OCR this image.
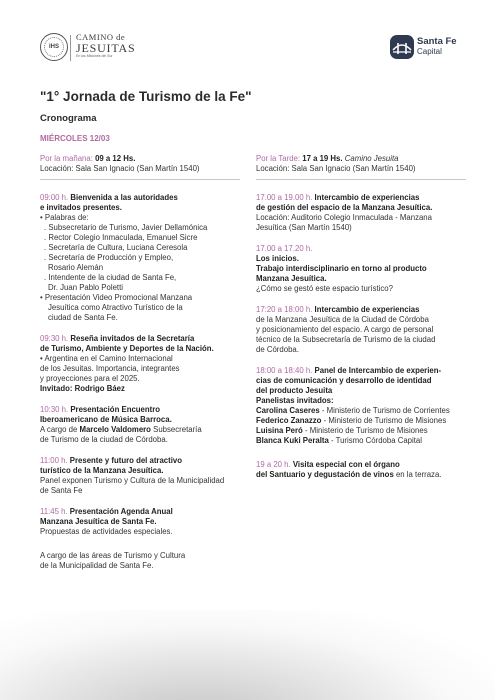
IHS
CAMINO de
JESUITAS
En las Misiones del Sur
Santa Fe
Capital
"1° Jornada de Turismo de la Fe"
Cronograma
MIÉRCOLES 12/03

Por la mañana: 09 a 12 Hs.

Locación: Sala San Ignacio (San Martín 1540)

09:00 h. Bienvenida a las autoridades

e invitados presentes.

• Palabras de:

. Subsecretario de Turismo, Javier Dellamónica

. Rector Colegio Inmaculada, Emanuel Sicre

. Secretaría de Cultura, Luciana Ceresola

. Secretaría de Producción y Empleo,

Rosario Alemán

. Intendente de la ciudad de Santa Fe,

Dr. Juan Pablo Poletti

• Presentación Video Promocional Manzana

Jesuítica como Atractivo Turístico de la

ciudad de Santa Fe.

09:30 h. Reseña invitados de la Secretaría

de Turismo, Ambiente y Deportes de la Nación.

• Argentina en el Camino Internacional

de los Jesuitas. Importancia, integrantes

y proyecciones para el 2025.

Invitado: Rodrigo Báez

10:30 h. Presentación Encuentro

Iberoamericano de Música Barroca.

A cargo de Marcelo Valdomero Subsecretaría

de Turismo de la ciudad de Córdoba.

11:00 h. Presente y futuro del atractivo

turístico de la Manzana Jesuítica.

Panel exponen Turismo y Cultura de la Municipalidad

de Santa Fe

11:45 h. Presentación Agenda Anual

Manzana Jesuítica de Santa Fe.

Propuestas de actividades especiales.

A cargo de las áreas de Turismo y Cultura

de la Municipalidad de Santa Fe.

Por la Tarde: 17 a 19 Hs. Camino Jesuita

Locación: Sala San Ignacio (San Martín 1540)

17.00 a 19.00 h. Intercambio de experiencias

de gestión del espacio de la Manzana Jesuítica.

Locación: Auditorio Colegio Inmaculada - Manzana

Jesuítica (San Martín 1540)

17.00 a 17.20 h.

Los inicios.

Trabajo interdisciplinario en torno al producto

Manzana Jesuítica.

¿Cómo se gestó este espacio turístico?

17:20 a 18:00 h. Intercambio de experiencias

de la Manzana Jesuítica de la Ciudad de Córdoba

y posicionamiento del espacio. A cargo de personal

técnico de la Subsecretaría de Turismo de la ciudad

de Córdoba.

18:00 a 18:40 h. Panel de Intercambio de experien-

cias de comunicación y desarrollo de identidad

del producto Jesuita

Panelistas invitados:

Carolina Caseres - Ministerio de Turismo de Corrientes

Federico Zanazzo - Ministerio de Turismo de Misiones

Luisina Peró - Ministerio de Turismo de Misiones

Blanca Kuki Peralta - Turismo Córdoba Capital

19 a 20 h. Visita especial con el órgano

del Santuario y degustación de vinos en la terraza.
